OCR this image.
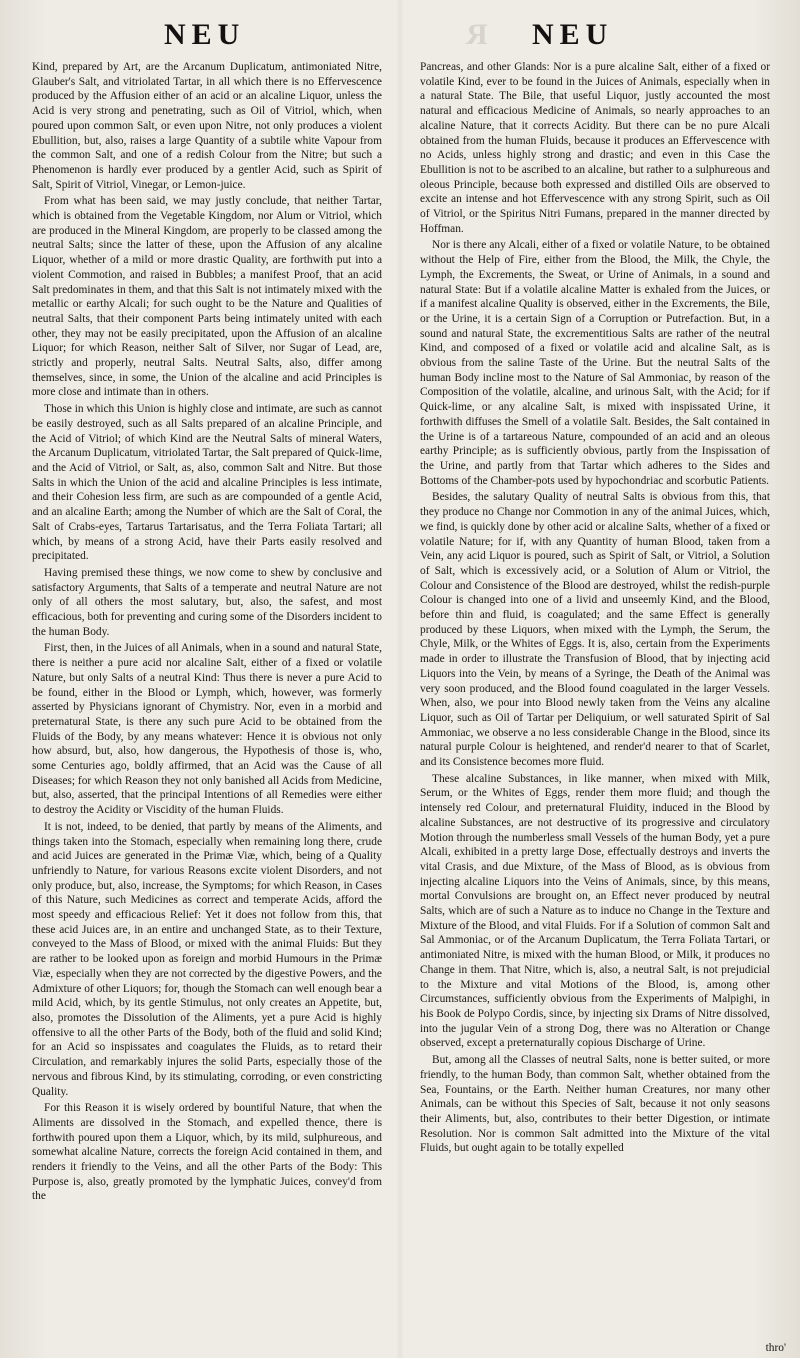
NEU	R NEU

Kind, prepared by Art, are the Arcanum Duplicatum, antimoniated Nitre, Glauber's Salt, and vitriolated Tartar, in all which there is no Effervescence produced by the Affusion either of an acid or an alcaline Liquor, unless the Acid is very strong and penetrating, such as Oil of Vitriol, which, when poured upon common Salt, or even upon Nitre, not only produces a violent Ebullition, but, also, raises a large Quantity of a subtile white Vapour from the common Salt, and one of a redish Colour from the Nitre; but such a Phenomenon is hardly ever produced by a gentler Acid, such as Spirit of Salt, Spirit of Vitriol, Vinegar, or Lemon-juice.

From what has been said, we may justly conclude, that neither Tartar, which is obtained from the Vegetable Kingdom, nor Alum or Vitriol, which are produced in the Mineral Kingdom, are properly to be classed among the neutral Salts; since the latter of these, upon the Affusion of any alcaline Liquor, whether of a mild or more drastic Quality, are forthwith put into a violent Commotion, and raised in Bubbles; a manifest Proof, that an acid Salt predominates in them, and that this Salt is not intimately mixed with the metallic or earthy Alcali; for such ought to be the Nature and Qualities of neutral Salts, that their component Parts being intimately united with each other, they may not be easily precipitated, upon the Affusion of an alcaline Liquor; for which Reason, neither Salt of Silver, nor Sugar of Lead, are, strictly and properly, neutral Salts. Neutral Salts, also, differ among themselves, since, in some, the Union of the alcaline and acid Principles is more close and intimate than in others.

Those in which this Union is highly close and intimate, are such as cannot be easily destroyed, such as all Salts prepared of an alcaline Principle, and the Acid of Vitriol; of which Kind are the Neutral Salts of mineral Waters, the Arcanum Duplicatum, vitriolated Tartar, the Salt prepared of Quick-lime, and the Acid of Vitriol, or Salt, as, also, common Salt and Nitre. But those Salts in which the Union of the acid and alcaline Principles is less intimate, and their Cohesion less firm, are such as are compounded of a gentle Acid, and an alcaline Earth; among the Number of which are the Salt of Coral, the Salt of Crabs-eyes, Tartarus Tartarisatus, and the Terra Foliata Tartari; all which, by means of a strong Acid, have their Parts easily resolved and precipitated.

Having premised these things, we now come to shew by conclusive and satisfactory Arguments, that Salts of a temperate and neutral Nature are not only of all others the most salutary, but, also, the safest, and most efficacious, both for preventing and curing some of the Disorders incident to the human Body.

First, then, in the Juices of all Animals, when in a sound and natural State, there is neither a pure acid nor alcaline Salt, either of a fixed or volatile Nature, but only Salts of a neutral Kind: Thus there is never a pure Acid to be found, either in the Blood or Lymph, which, however, was formerly asserted by Physicians ignorant of Chymistry. Nor, even in a morbid and preternatural State, is there any such pure Acid to be obtained from the Fluids of the Body, by any means whatever: Hence it is obvious not only how absurd, but, also, how dangerous, the Hypothesis of those is, who, some Centuries ago, boldly affirmed, that an Acid was the Cause of all Diseases; for which Reason they not only banished all Acids from Medicine, but, also, asserted, that the principal Intentions of all Remedies were either to destroy the Acidity or Viscidity of the human Fluids.

It is not, indeed, to be denied, that partly by means of the Aliments, and things taken into the Stomach, especially when remaining long there, crude and acid Juices are generated in the Primæ Viæ, which, being of a Quality unfriendly to Nature, for various Reasons excite violent Disorders, and not only produce, but, also, increase, the Symptoms; for which Reason, in Cases of this Nature, such Medicines as correct and temperate Acids, afford the most speedy and efficacious Relief: Yet it does not follow from this, that these acid Juices are, in an entire and unchanged State, as to their Texture, conveyed to the Mass of Blood, or mixed with the animal Fluids: But they are rather to be looked upon as foreign and morbid Humours in the Primæ Viæ, especially when they are not corrected by the digestive Powers, and the Admixture of other Liquors; for, though the Stomach can well enough bear a mild Acid, which, by its gentle Stimulus, not only creates an Appetite, but, also, promotes the Dissolution of the Aliments, yet a pure Acid is highly offensive to all the other Parts of the Body, both of the fluid and solid Kind; for an Acid so inspissates and coagulates the Fluids, as to retard their Circulation, and remarkably injures the solid Parts, especially those of the nervous and fibrous Kind, by its stimulating, corroding, or even constricting Quality.

For this Reason it is wisely ordered by bountiful Nature, that when the Aliments are dissolved in the Stomach, and expelled thence, there is forthwith poured upon them a Liquor, which, by its mild, sulphureous, and somewhat alcaline Nature, corrects the foreign Acid contained in them, and renders it friendly to the Veins, and all the other Parts of the Body: This Purpose is, also, greatly promoted by the lymphatic Juices, convey'd from the

Pancreas, and other Glands: Nor is a pure alcaline Salt, either of a fixed or volatile Kind, ever to be found in the Juices of Animals, especially when in a natural State. The Bile, that useful Liquor, justly accounted the most natural and efficacious Medicine of Animals, so nearly approaches to an alcaline Nature, that it corrects Acidity. But there can be no pure Alcali obtained from the human Fluids, because it produces an Effervescence with no Acids, unless highly strong and drastic; and even in this Case the Ebullition is not to be ascribed to an alcaline, but rather to a sulphureous and oleous Principle, because both expressed and distilled Oils are observed to excite an intense and hot Effervescence with any strong Spirit, such as Oil of Vitriol, or the Spiritus Nitri Fumans, prepared in the manner directed by Hoffman.

Nor is there any Alcali, either of a fixed or volatile Nature, to be obtained without the Help of Fire, either from the Blood, the Milk, the Chyle, the Lymph, the Excrements, the Sweat, or Urine of Animals, in a sound and natural State: But if a volatile alcaline Matter is exhaled from the Juices, or if a manifest alcaline Quality is observed, either in the Excrements, the Bile, or the Urine, it is a certain Sign of a Corruption or Putrefaction. But, in a sound and natural State, the excrementitious Salts are rather of the neutral Kind, and composed of a fixed or volatile acid and alcaline Salt, as is obvious from the saline Taste of the Urine. But the neutral Salts of the human Body incline most to the Nature of Sal Ammoniac, by reason of the Composition of the volatile, alcaline, and urinous Salt, with the Acid; for if Quick-lime, or any alcaline Salt, is mixed with inspissated Urine, it forthwith diffuses the Smell of a volatile Salt. Besides, the Salt contained in the Urine is of a tartareous Nature, compounded of an acid and an oleous earthy Principle; as is sufficiently obvious, partly from the Inspissation of the Urine, and partly from that Tartar which adheres to the Sides and Bottoms of the Chamber-pots used by hypochondriac and scorbutic Patients.

Besides, the salutary Quality of neutral Salts is obvious from this, that they produce no Change nor Commotion in any of the animal Juices, which, we find, is quickly done by other acid or alcaline Salts, whether of a fixed or volatile Nature; for if, with any Quantity of human Blood, taken from a Vein, any acid Liquor is poured, such as Spirit of Salt, or Vitriol, a Solution of Salt, which is excessively acid, or a Solution of Alum or Vitriol, the Colour and Consistence of the Blood are destroyed, whilst the redish-purple Colour is changed into one of a livid and unseemly Kind, and the Blood, before thin and fluid, is coagulated; and the same Effect is generally produced by these Liquors, when mixed with the Lymph, the Serum, the Chyle, Milk, or the Whites of Eggs. It is, also, certain from the Experiments made in order to illustrate the Transfusion of Blood, that by injecting acid Liquors into the Vein, by means of a Syringe, the Death of the Animal was very soon produced, and the Blood found coagulated in the larger Vessels. When, also, we pour into Blood newly taken from the Veins any alcaline Liquor, such as Oil of Tartar per Deliquium, or well saturated Spirit of Sal Ammoniac, we observe a no less considerable Change in the Blood, since its natural purple Colour is heightened, and render'd nearer to that of Scarlet, and its Consistence becomes more fluid.

These alcaline Substances, in like manner, when mixed with Milk, Serum, or the Whites of Eggs, render them more fluid; and though the intensely red Colour, and preternatural Fluidity, induced in the Blood by alcaline Substances, are not destructive of its progressive and circulatory Motion through the numberless small Vessels of the human Body, yet a pure Alcali, exhibited in a pretty large Dose, effectually destroys and inverts the vital Crasis, and due Mixture, of the Mass of Blood, as is obvious from injecting alcaline Liquors into the Veins of Animals, since, by this means, mortal Convulsions are brought on, an Effect never produced by neutral Salts, which are of such a Nature as to induce no Change in the Texture and Mixture of the Blood, and vital Fluids. For if a Solution of common Salt and Sal Ammoniac, or of the Arcanum Duplicatum, the Terra Foliata Tartari, or antimoniated Nitre, is mixed with the human Blood, or Milk, it produces no Change in them. That Nitre, which is, also, a neutral Salt, is not prejudicial to the Mixture and vital Motions of the Blood, is, among other Circumstances, sufficiently obvious from the Experiments of Malpighi, in his Book de Polypo Cordis, since, by injecting six Drams of Nitre dissolved, into the jugular Vein of a strong Dog, there was no Alteration or Change observed, except a preternaturally copious Discharge of Urine.

But, among all the Classes of neutral Salts, none is better suited, or more friendly, to the human Body, than common Salt, whether obtained from the Sea, Fountains, or the Earth. Neither human Creatures, nor many other Animals, can be without this Species of Salt, because it not only seasons their Aliments, but, also, contributes to their better Digestion, or intimate Resolution. Nor is common Salt admitted into the Mixture of the vital Fluids, but ought again to be totally expelled

thro'
